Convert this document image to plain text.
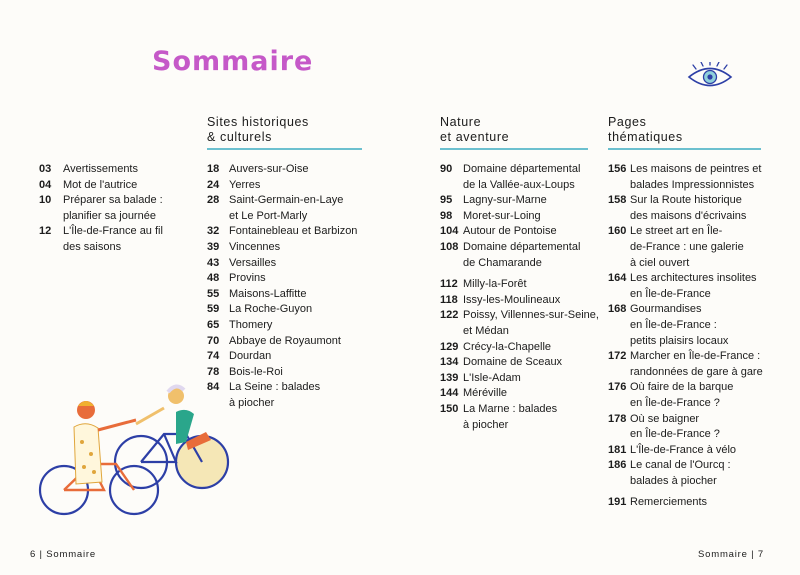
Sommaire
Sites historiques
& culturels
Nature
et aventure
Pages
thématiques
03 Avertissements
04 Mot de l'autrice
10 Préparer sa balade :
planifier sa journée
12 L'Île-de-France au fil
des saisons
18 Auvers-sur-Oise
24 Yerres
28 Saint-Germain-en-Laye
et Le Port-Marly
32 Fontainebleau et Barbizon
39 Vincennes
43 Versailles
48 Provins
55 Maisons-Laffitte
59 La Roche-Guyon
65 Thomery
70 Abbaye de Royaumont
74 Dourdan
78 Bois-le-Roi
84 La Seine : balades
à piocher
90 Domaine départemental
de la Vallée-aux-Loups
95 Lagny-sur-Marne
98 Moret-sur-Loing
104 Autour de Pontoise
108 Domaine départemental
de Chamarande
112 Milly-la-Forêt
118 Issy-les-Moulineaux
122 Poissy, Villennes-sur-Seine,
et Médan
129 Crécy-la-Chapelle
134 Domaine de Sceaux
139 L'Isle-Adam
144 Méréville
150 La Marne : balades
à piocher
156 Les maisons de peintres et
balades Impressionnistes
158 Sur la Route historique
des maisons d'écrivains
160 Le street art en Île-
de-France : une galerie
à ciel ouvert
164 Les architectures insolites
en Île-de-France
168 Gourmandises
en Île-de-France :
petits plaisirs locaux
172 Marcher en Île-de-France :
randonnées de gare à gare
176 Où faire de la barque
en Île-de-France ?
178 Où se baigner
en Île-de-France ?
181 L'Île-de-France à vélo
186 Le canal de l'Ourcq :
balades à piocher
191 Remerciements
6 | Sommaire	Sommaire | 7
